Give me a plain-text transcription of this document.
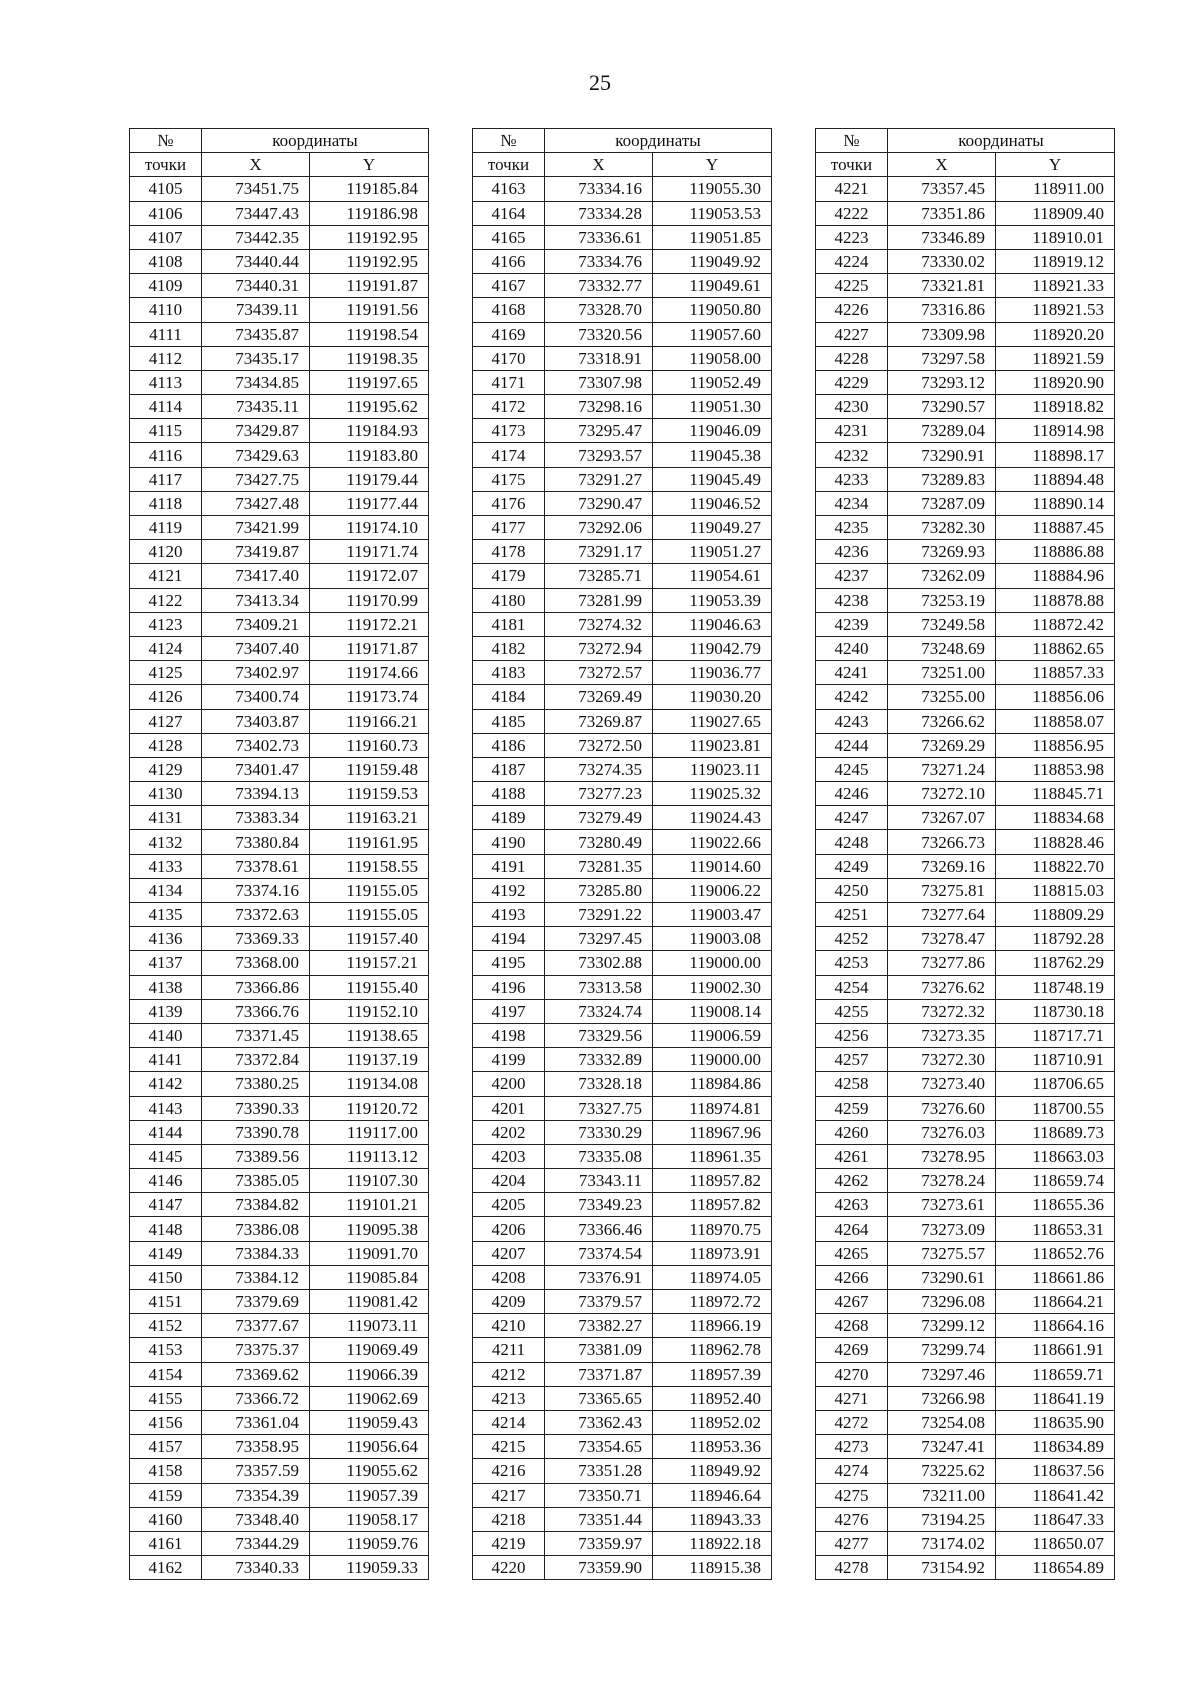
25
№	координаты	
точки	X	Y
4105	73451.75	119185.84
4106	73447.43	119186.98
4107	73442.35	119192.95
4108	73440.44	119192.95
4109	73440.31	119191.87
4110	73439.11	119191.56
4111	73435.87	119198.54
4112	73435.17	119198.35
4113	73434.85	119197.65
4114	73435.11	119195.62
4115	73429.87	119184.93
4116	73429.63	119183.80
4117	73427.75	119179.44
4118	73427.48	119177.44
4119	73421.99	119174.10
4120	73419.87	119171.74
4121	73417.40	119172.07
4122	73413.34	119170.99
4123	73409.21	119172.21
4124	73407.40	119171.87
4125	73402.97	119174.66
4126	73400.74	119173.74
4127	73403.87	119166.21
4128	73402.73	119160.73
4129	73401.47	119159.48
4130	73394.13	119159.53
4131	73383.34	119163.21
4132	73380.84	119161.95
4133	73378.61	119158.55
4134	73374.16	119155.05
4135	73372.63	119155.05
4136	73369.33	119157.40
4137	73368.00	119157.21
4138	73366.86	119155.40
4139	73366.76	119152.10
4140	73371.45	119138.65
4141	73372.84	119137.19
4142	73380.25	119134.08
4143	73390.33	119120.72
4144	73390.78	119117.00
4145	73389.56	119113.12
4146	73385.05	119107.30
4147	73384.82	119101.21
4148	73386.08	119095.38
4149	73384.33	119091.70
4150	73384.12	119085.84
4151	73379.69	119081.42
4152	73377.67	119073.11
4153	73375.37	119069.49
4154	73369.62	119066.39
4155	73366.72	119062.69
4156	73361.04	119059.43
4157	73358.95	119056.64
4158	73357.59	119055.62
4159	73354.39	119057.39
4160	73348.40	119058.17
4161	73344.29	119059.76
4162	73340.33	119059.33
№	координаты	
точки	X	Y
4163	73334.16	119055.30
4164	73334.28	119053.53
4165	73336.61	119051.85
4166	73334.76	119049.92
4167	73332.77	119049.61
4168	73328.70	119050.80
4169	73320.56	119057.60
4170	73318.91	119058.00
4171	73307.98	119052.49
4172	73298.16	119051.30
4173	73295.47	119046.09
4174	73293.57	119045.38
4175	73291.27	119045.49
4176	73290.47	119046.52
4177	73292.06	119049.27
4178	73291.17	119051.27
4179	73285.71	119054.61
4180	73281.99	119053.39
4181	73274.32	119046.63
4182	73272.94	119042.79
4183	73272.57	119036.77
4184	73269.49	119030.20
4185	73269.87	119027.65
4186	73272.50	119023.81
4187	73274.35	119023.11
4188	73277.23	119025.32
4189	73279.49	119024.43
4190	73280.49	119022.66
4191	73281.35	119014.60
4192	73285.80	119006.22
4193	73291.22	119003.47
4194	73297.45	119003.08
4195	73302.88	119000.00
4196	73313.58	119002.30
4197	73324.74	119008.14
4198	73329.56	119006.59
4199	73332.89	119000.00
4200	73328.18	118984.86
4201	73327.75	118974.81
4202	73330.29	118967.96
4203	73335.08	118961.35
4204	73343.11	118957.82
4205	73349.23	118957.82
4206	73366.46	118970.75
4207	73374.54	118973.91
4208	73376.91	118974.05
4209	73379.57	118972.72
4210	73382.27	118966.19
4211	73381.09	118962.78
4212	73371.87	118957.39
4213	73365.65	118952.40
4214	73362.43	118952.02
4215	73354.65	118953.36
4216	73351.28	118949.92
4217	73350.71	118946.64
4218	73351.44	118943.33
4219	73359.97	118922.18
4220	73359.90	118915.38
№	координаты	
точки	X	Y
4221	73357.45	118911.00
4222	73351.86	118909.40
4223	73346.89	118910.01
4224	73330.02	118919.12
4225	73321.81	118921.33
4226	73316.86	118921.53
4227	73309.98	118920.20
4228	73297.58	118921.59
4229	73293.12	118920.90
4230	73290.57	118918.82
4231	73289.04	118914.98
4232	73290.91	118898.17
4233	73289.83	118894.48
4234	73287.09	118890.14
4235	73282.30	118887.45
4236	73269.93	118886.88
4237	73262.09	118884.96
4238	73253.19	118878.88
4239	73249.58	118872.42
4240	73248.69	118862.65
4241	73251.00	118857.33
4242	73255.00	118856.06
4243	73266.62	118858.07
4244	73269.29	118856.95
4245	73271.24	118853.98
4246	73272.10	118845.71
4247	73267.07	118834.68
4248	73266.73	118828.46
4249	73269.16	118822.70
4250	73275.81	118815.03
4251	73277.64	118809.29
4252	73278.47	118792.28
4253	73277.86	118762.29
4254	73276.62	118748.19
4255	73272.32	118730.18
4256	73273.35	118717.71
4257	73272.30	118710.91
4258	73273.40	118706.65
4259	73276.60	118700.55
4260	73276.03	118689.73
4261	73278.95	118663.03
4262	73278.24	118659.74
4263	73273.61	118655.36
4264	73273.09	118653.31
4265	73275.57	118652.76
4266	73290.61	118661.86
4267	73296.08	118664.21
4268	73299.12	118664.16
4269	73299.74	118661.91
4270	73297.46	118659.71
4271	73266.98	118641.19
4272	73254.08	118635.90
4273	73247.41	118634.89
4274	73225.62	118637.56
4275	73211.00	118641.42
4276	73194.25	118647.33
4277	73174.02	118650.07
4278	73154.92	118654.89
